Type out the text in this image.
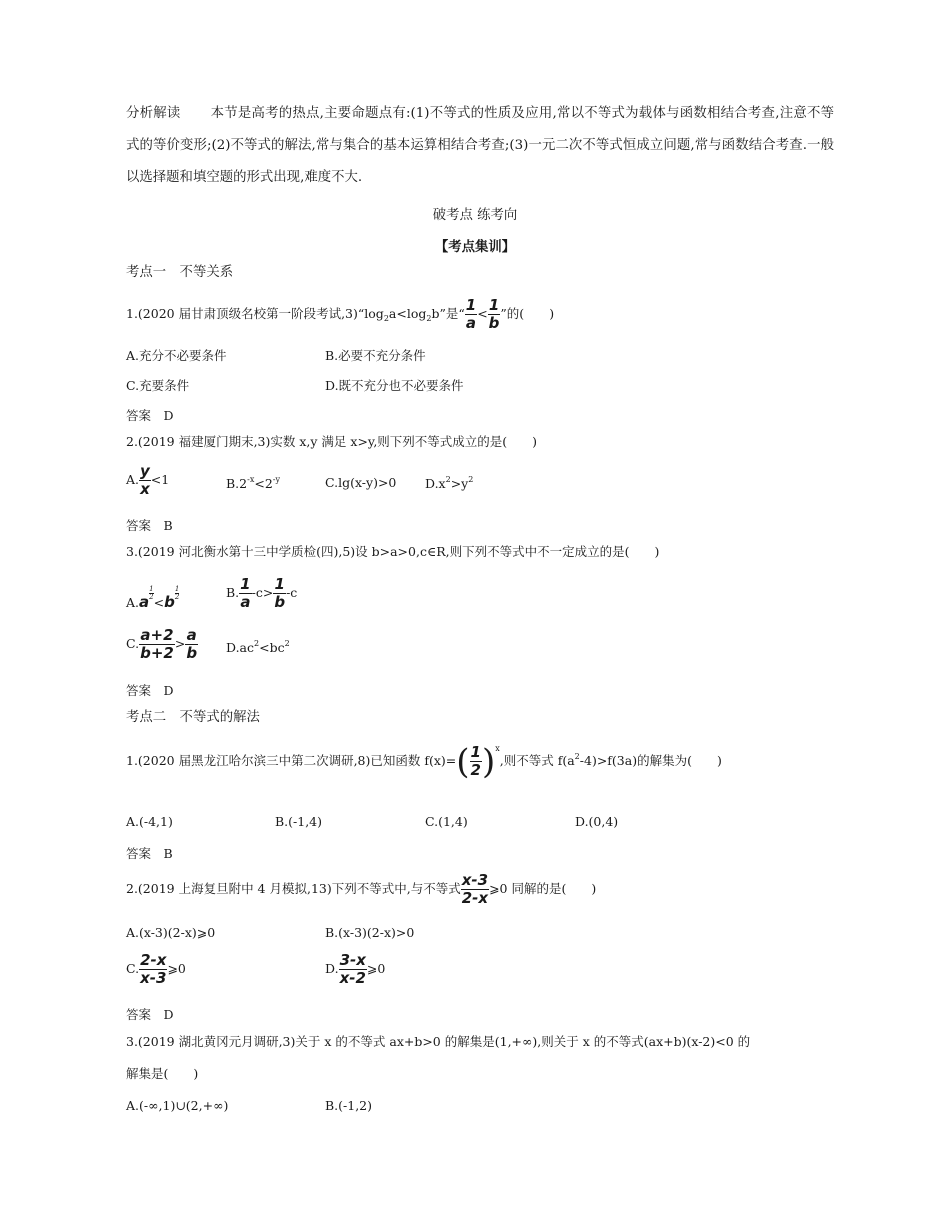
分析解读 本节是高考的热点,主要命题点有:(1)不等式的性质及应用,常以不等式为载体与函数相结合考查,注意不等式的等价变形;(2)不等式的解法,常与集合的基本运算相结合考查;(3)一元二次不等式恒成立问题,常与函数结合考查.一般以选择题和填空题的形式出现,难度不大.
破考点 练考向
【考点集训】
考点一　不等关系
1.(2020 届甘肃顶级名校第一阶段考试$,3)“\log_2a<\log_2b$”是“ $\frac{1}{a} < \frac{1}{b}$ ”的(　　)
A.充分不必要条件	B.必要不充分条件
C.充要条件	D.既不充分也不必要条件
答案　D
2.(2019 福建厦门期末,3)实数 x,y 满足 x>y,则下列不等式成立的是(　　)
A. $\frac{y}{x} <1$	$B.2^{-x}<2^{-y}$	C.lg(x-y)>0 $D.x^2>y^2$
答案　B
3.(2019 河北衡水第十三中学质检(四),5)设 b>a>0,c∈R,则下列不等式中不一定成立的是(　　)
$A.a \frac{1}{2}$
$<b \frac{1}{2}$	B. $\frac{1}{a} -c> \frac{1}{b} -c$
C. $\frac{a+2}{b+2} > \frac{a}{b} D.ac^2<bc^2$
答案　D
考点二　不等式的解法
1.(2020 届黑龙江哈尔滨三中第二次调研,8)已知函数 $f(x)=( \frac{1}{2} )^x$,则不等式 $f(a^2-4)>f(3a)$的解集为(　　)
A.(-4,1)	B.(-1,4)	C.(1,4)	D.(0,4)
答案　B
2.(2019 上海复旦附中 4 月模拟,13)下列不等式中,与不等式 $\frac{x-3}{2-x}$ ⩾0 同解的是(　　)
A.(x-3)(2-x)⩾0	B.(x-3)(2-x)>0
C. $\frac{2-x}{x-3}$ ⩾0	D. $\frac{3-x}{x-2}$ ⩾0
答案　D
3.(2019 湖北黄冈元月调研,3)关于 x 的不等式 ax+b>0 的解集是(1,+∞),则关于 x 的不等式(ax+b)(x-2)<0 的
解集是(　　)
A.(-∞,1)∪(2,+∞)	B.(-1,2)
